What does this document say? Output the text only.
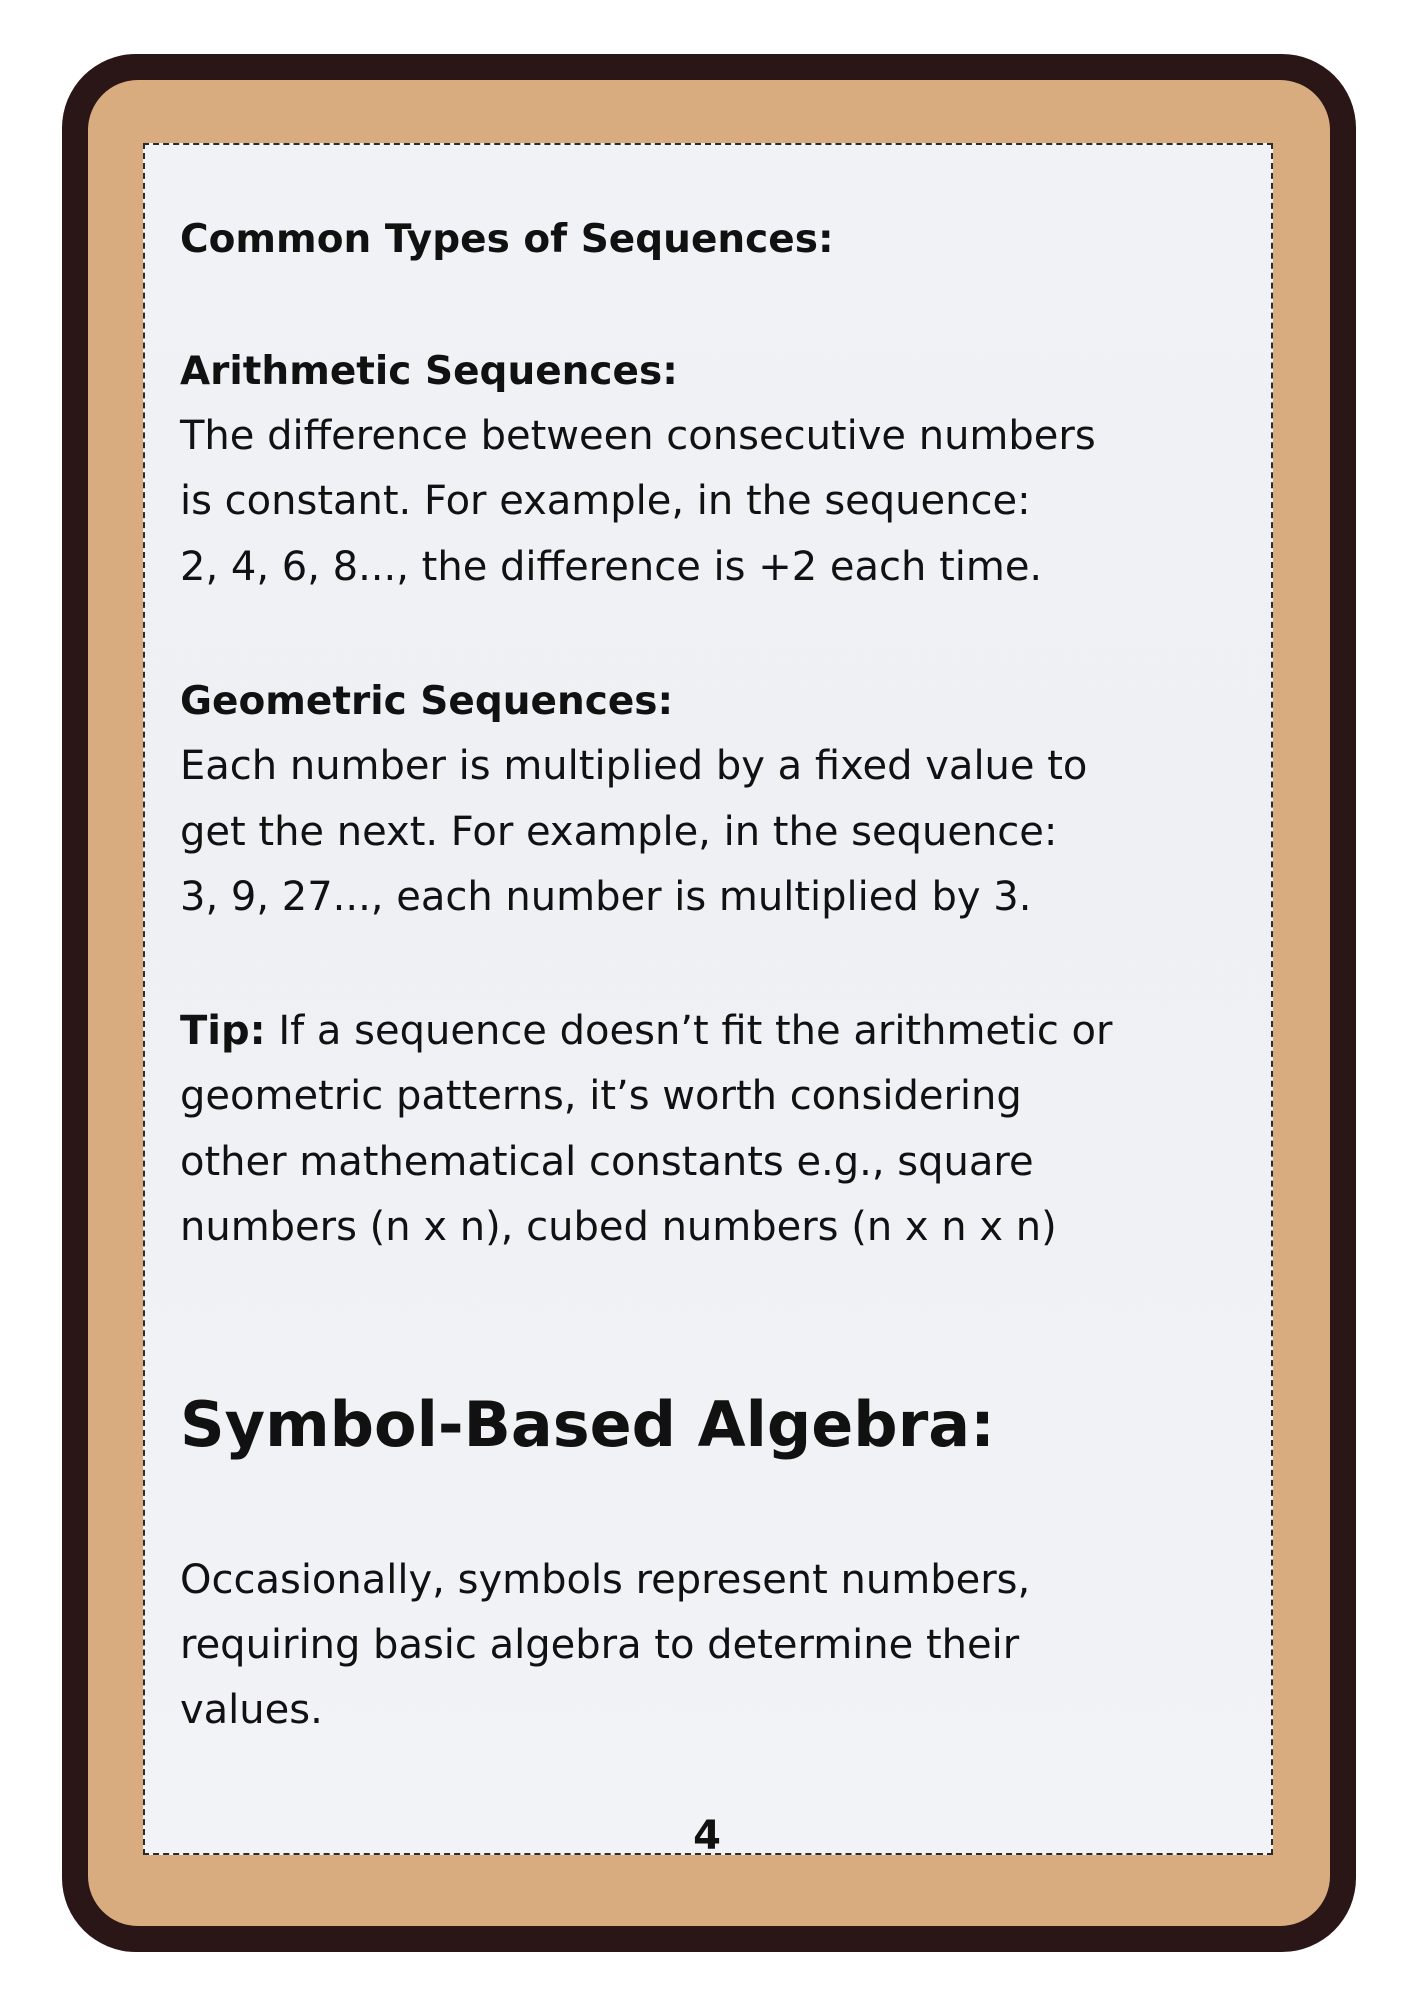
Common Types of Sequences:
Arithmetic Sequences:
The difference between consecutive numbers
is constant. For example, in the sequence:
2, 4, 6, 8..., the difference is +2 each time.
Geometric Sequences:
Each number is multiplied by a fixed value to
get the next. For example, in the sequence:
3, 9, 27..., each number is multiplied by 3.
Tip: If a sequence doesn’t fit the arithmetic or
geometric patterns, it’s worth considering
other mathematical constants e.g., square
numbers (n x n), cubed numbers (n x n x n)
Symbol-Based Algebra:
Occasionally, symbols represent numbers,
requiring basic algebra to determine their
values.
4
